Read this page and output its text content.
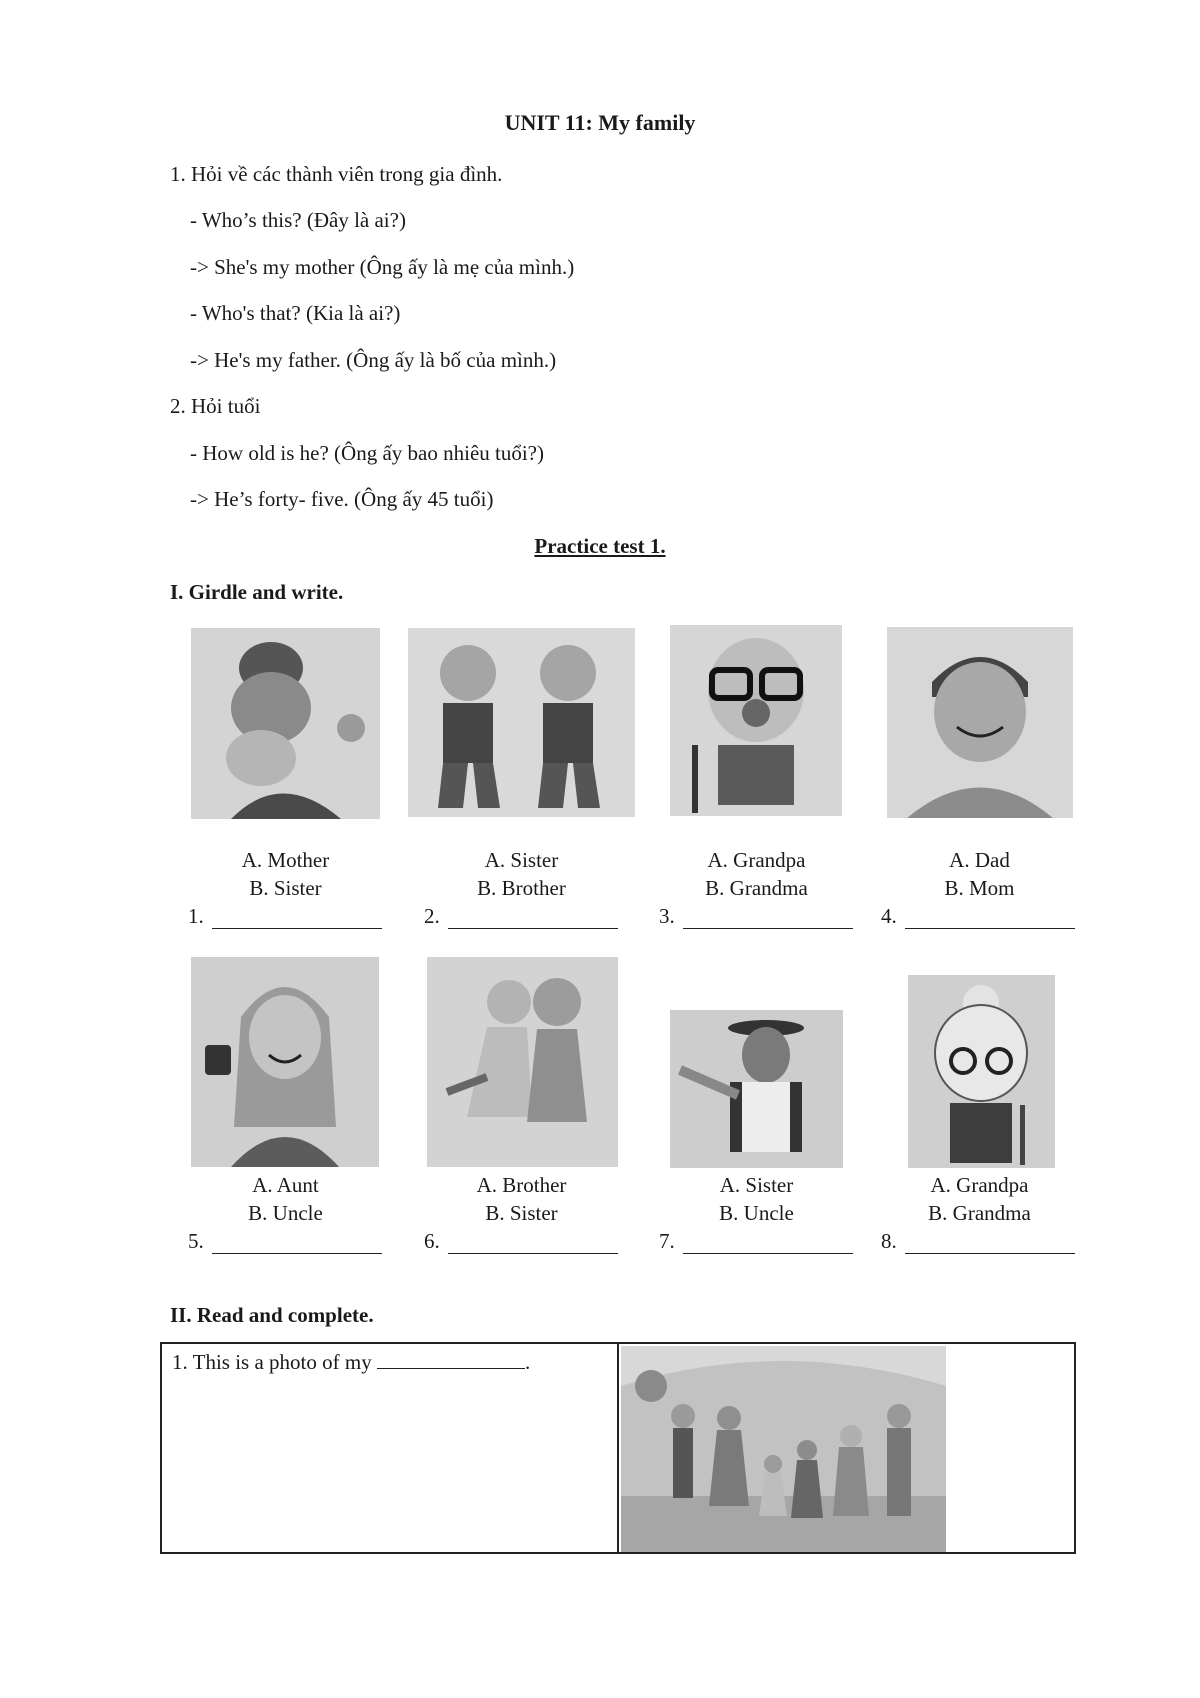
UNIT 11: My family
1. Hỏi về các thành viên trong gia đình.
- Who’s this? (Đây là ai?)
-> She's my mother (Ông ấy là mẹ của mình.)
- Who's that? (Kia là ai?)
-> He's my father. (Ông ấy là bố của mình.)
2. Hỏi tuổi
- How old is he? (Ông ấy bao nhiêu tuổi?)
-> He’s forty- five. (Ông ấy 45 tuổi)
Practice test 1.
I. Girdle and write.
A. Mother
B. Sister
A. Sister
B. Brother
A. Grandpa
B. Grandma
A. Dad
B. Mom
1.	2.	3.	4.
A. Aunt
B. Uncle
A. Brother
B. Sister
A. Sister
B. Uncle
A. Grandpa
B. Grandma
5.	6.	7.	8.
II. Read and complete.
1. This is a photo of my	.
